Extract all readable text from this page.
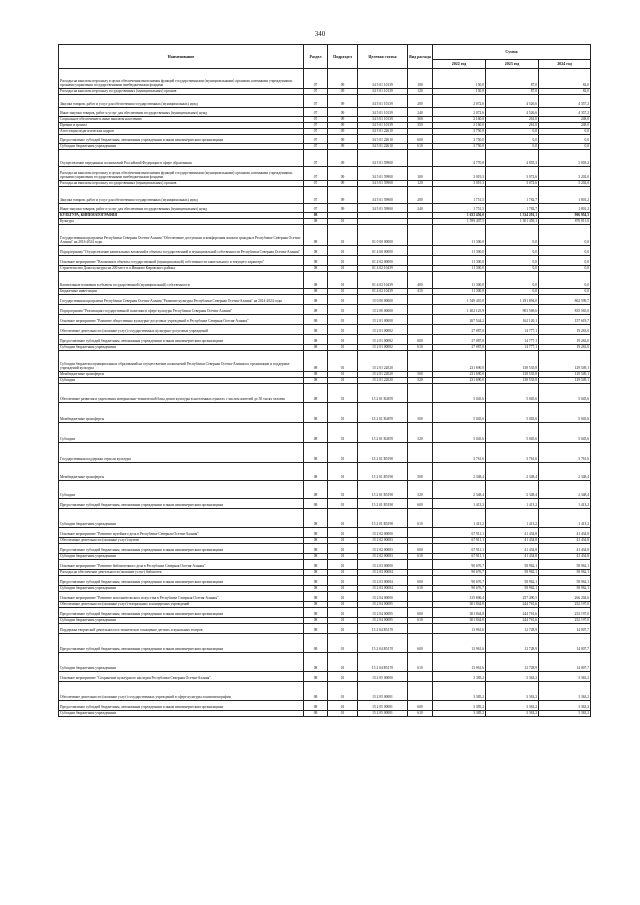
340
Наименование	Раздел	Подраздел	Целевая статья	Вид расхода	Сумма		
					2022 год	2023 год	2024 год
Расходы на выплаты персоналу в целях обеспечения выполнения функций государственными (муниципальными) органами, казенными учреждениями, органами управления государственными внебюджетными фондами	07	09	34 5 01 10139	100	150,0	87,0	82,0
Расходы на выплаты персоналу государственных (муниципальных) органов	07	09	34 5 01 10139	120	150,0	87,0	82,0
Закупка товаров, работ и услуг для обеспечения государственных (муниципальных) нужд	07	09	34 5 01 10139	200	2 072,6	4 526,6	4 357,2
Иные закупки товаров, работ и услуг для обеспечения государственных (муниципальных) нужд	07	09	34 5 01 10139	240	2 072,6	4 526,6	4 357,2
Социальное обеспечение и иные выплаты населению	07	09	34 5 01 10139	300	2 160,0	261,0	248,0
Премии и гранты	07	09	34 5 01 10139	350	2 160,0	261,0	248,0
Аттестация педагогических кадров	07	09	34 5 01 22610		3 750,0	0,0	0,0
Предоставление субсидий бюджетным, автономным учреждениям и иным некоммерческим организациям	07	09	34 5 01 22610	600	3 750,0	0,0	0,0
Субсидии бюджетным учреждениям	07	09	34 5 01 22610	610	3 750,0	0,0	0,0
Осуществление переданных полномочий Российской Федерации в сфере образования	07	09	34 5 01 59900		4 770,8	4 855,3	5 003,2
Расходы на выплаты персоналу в целях обеспечения выполнения функций государственными (муниципальными) органами, казенными учреждениями, органами управления государственными внебюджетными фондами	07	09	34 5 01 59900	100	3 019,3	3 072,6	3 202,0
Расходы на выплаты персоналу государственных (муниципальных) органов	07	09	34 5 01 59900	120	3 019,3	3 072,6	3 202,0
Закупка товаров, работ и услуг для обеспечения государственных (муниципальных) нужд	07	09	34 5 01 59900	200	1 751,5	1 782,7	1 801,2
Иные закупки товаров, работ и услуг для обеспечения государственных (муниципальных) нужд	07	09	34 5 01 59900	240	1 751,5	1 782,7	1 801,2
КУЛЬТУРА, КИНЕМАТОГРАФИЯ	08				1 633 456,0	1 334 291,1	906 954,3
Культура	08	01			1 599 407,5	1 301 459,1	870 811,0
Государственная программа Республики Северная Осетия-Алания "Обеспечение доступным и комфортным жильем граждан в Республике Северная Осетия-Алания" на 2016-2024 годы	08	01	01 0 00 00000		11 300,0	0,0	0,0
Подпрограмма "Осуществление капитальных вложений в объекты государственной и муниципальной собственности Республики Северная Осетия-Алания"	08	01	01 4 00 00000		11 300,0	0,0	0,0
Основное мероприятие "Вложения в объекты государственной (муниципальной) собственности капитального и текущего характера"	08	01	01 4 02 00000		11 300,0	0,0	0,0
Строительство Дома культуры на 200 мест в п.Иваново Кировского района	08	01	01 4 02 10439		11 300,0	0,0	0,0
Капитальные вложения в объекты государственной (муниципальной) собственности	08	01	01 4 02 10439	400	11 300,0	0,0	0,0
Бюджетные инвестиции	08	01	01 4 02 10439	410	11 300,0	0,0	0,0
Государственная программа Республики Северная Осетия-Алания "Развитие культуры Республики Северная Осетия-Алания" на 2014-2024 годы	08	01	15 0 00 00000		1 549 410,0	1 291 894,0	862 599,7
Подпрограмма "Реализация государственной политики в сфере культуры Республики Северная Осетия-Алания"	08	01	15 2 00 00000		1 402 125,9	903 569,6	835 565,0
Основное мероприятие "Развитие общественно культурно-досуговых учреждений в Республике Северная Осетия-Алания"	08	01	15 2 01 00000		267 544,2	162 120,1	157 619,7
Обеспечение деятельности (оказание услуг) государственных культурно-досуговых учреждений	08	01	15 2 01 00082		27 087,0	14 777,1	19 263,0
Предоставление субсидий бюджетным, автономным учреждениям и иным некоммерческим организациям	08	01	15 2 01 00082	600	27 087,0	14 777,1	19 263,0
Субсидии бюджетным учреждениям	08	01	15 2 01 00082	610	27 087,0	14 777,1	19 263,0
Субсидии бюджетам муниципальных образований на осуществление полномочий Республики Северная Осетия-Алания по организации и поддержке учреждений культуры	08	01	15 2 01 22020		231 690,0	138 535,8	129 549,1
Межбюджетные трансферты	08	01	15 2 01 22020	500	231 690,0	138 535,8	129 549,1
Субсидии	08	01	15 2 01 22020	520	231 690,0	138 535,8	129 549,1
Обеспечение развития и укрепления материально-технической базы домов культуры в населенных пунктах с числом жителей до 50 тысяч человек	08	01	15 2 01 R4670		5 045,6	5 045,6	5 045,6
Межбюджетные трансферты	08	01	15 2 01 R4670	500	5 045,6	5 045,6	5 045,6
Субсидии	08	01	15 2 01 R4670	520	5 045,6	5 045,6	5 045,6
Государственная поддержка отрасли культуры	08	01	15 2 01 R5190		3 761,6	3 761,6	3 761,6
Межбюджетные трансферты	08	01	15 2 01 R5190	500	2 348,4	2 348,4	2 348,4
Субсидии	08	01	15 2 01 R5190	520	2 348,4	2 348,4	2 348,4
Предоставление субсидий бюджетным, автономным учреждениям и иным некоммерческим организациям	08	01	15 2 01 R5190	600	1 413,2	1 413,2	1 413,2
Субсидии бюджетным учреждениям	08	01	15 2 01 R5190	610	1 413,2	1 413,2	1 413,2
Основное мероприятие "Развитие музейного дела в Республике Северная Осетия-Алания"	08	01	15 2 02 00000		67 911,1	41 434,8	41 434,8
Обеспечение деятельности (оказание услуг) музеев	08	01	15 2 02 00083		67 911,1	41 434,8	41 434,8
Предоставление субсидий бюджетным, автономным учреждениям и иным некоммерческим организациям	08	01	15 2 02 00083	600	67 911,1	41 434,8	41 434,8
Субсидии бюджетным учреждениям	08	01	15 2 02 00083	610	67 911,1	41 434,8	41 434,8
Основное мероприятие "Развитие библиотечного дела в Республике Северная Осетия-Алания"	08	01	15 2 03 00000		90 676,7	58 962,1	58 962,1
Расходы на обеспечение деятельности (оказание услуг) библиотек	08	01	15 2 03 00084		90 676,7	58 962,1	58 962,1
Предоставление субсидий бюджетным, автономным учреждениям и иным некоммерческим организациям	08	01	15 2 03 00084	600	90 676,7	58 962,1	58 962,1
Субсидии бюджетным учреждениям	08	01	15 2 03 00084	610	90 676,7	58 962,1	58 962,1
Основное мероприятие "Развитие исполнительского искусства в Республике Северная Осетия-Алания"	08	01	15 2 04 00000		315 806,4	257 490,5	266 204,6
Обеспечение деятельности (оказание услуг) театральных и концертных учреждений	08	01	15 2 04 00085		301 844,8	244 761,6	252 197,0
Предоставление субсидий бюджетным, автономным учреждениям и иным некоммерческим организациям	08	01	15 2 04 00085	600	301 844,8	244 761,6	252 197,0
Субсидии бюджетным учреждениям	08	01	15 2 04 00085	610	301 844,8	244 761,6	252 197,0
Поддержка творческой деятельности и техническое оснащение детских и кукольных театров	08	01	15 2 04 R5170		13 961,6	12 728,9	14 007,7
Предоставление субсидий бюджетным, автономным учреждениям и иным некоммерческим организациям	08	01	15 2 04 R5170	600	13 961,6	12 728,9	14 007,7
Субсидии бюджетным учреждениям	08	01	15 2 04 R5170	610	13 961,6	12 728,9	14 007,7
Основное мероприятие "Сохранение культурного наследия Республики Северная Осетия-Алания"	08	01	15 2 05 00000		3 385,2	3 363,2	3 363,2
Обеспечение деятельности (оказание услуг) государственных учреждений в сфере культуры и кинематографии	08	01	15 2 05 00081		3 385,2	3 363,2	3 363,2
Предоставление субсидий бюджетным, автономным учреждениям и иным некоммерческим организациям	08	01	15 2 05 00081	600	3 385,2	3 363,2	3 363,2
Субсидии бюджетным учреждениям	08	01	15 2 05 00081	610	3 385,2	3 363,2	3 363,2
